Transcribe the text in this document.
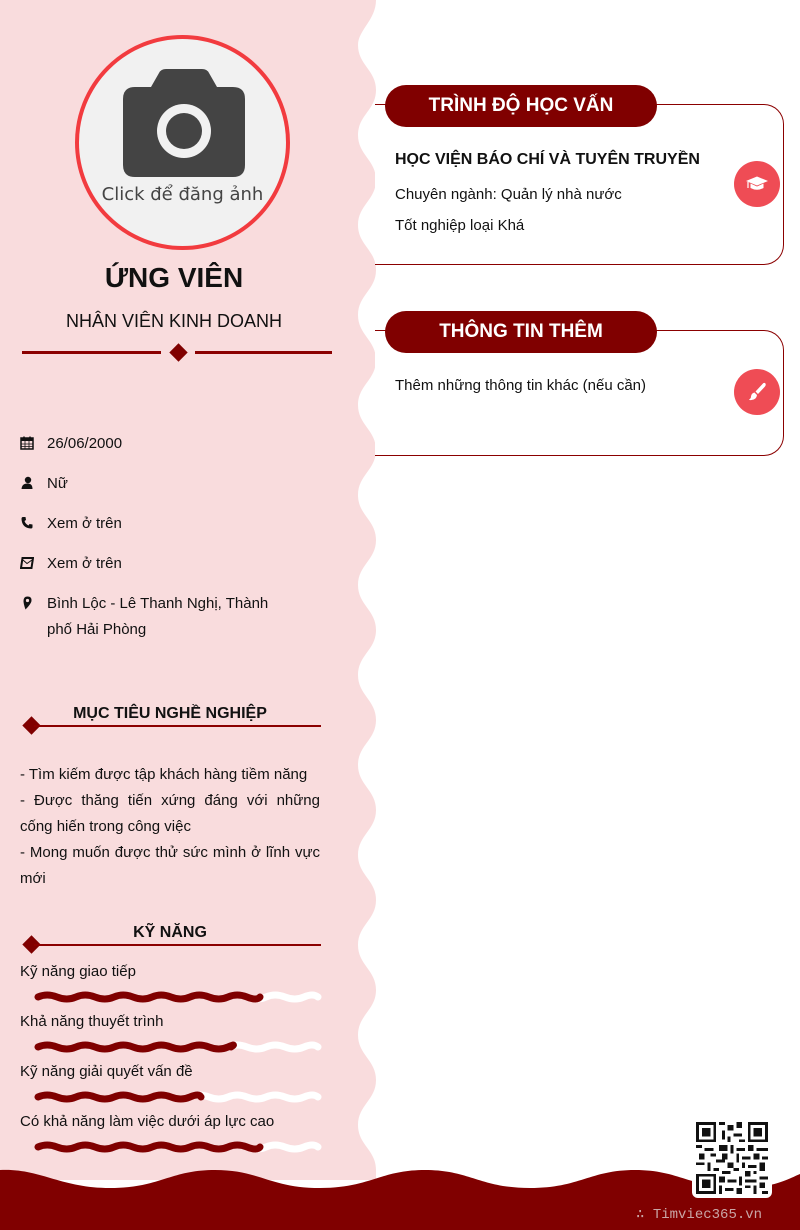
Click để đăng ảnh
ỨNG VIÊN
NHÂN VIÊN KINH DOANH
26/06/2000
Nữ
Xem ở trên
Xem ở trên
Bình Lộc - Lê Thanh Nghị, Thành phố Hải Phòng
MỤC TIÊU NGHỀ NGHIỆP
- Tìm kiếm được tập khách hàng tiềm năng
- Được thăng tiến xứng đáng với những cống hiến trong công việc
- Mong muốn được thử sức mình ở lĩnh vực mới
KỸ NĂNG
Kỹ năng giao tiếp
Khả năng thuyết trình
Kỹ năng giải quyết vấn đề
Có khả năng làm việc dưới áp lực cao
TRÌNH ĐỘ HỌC VẤN
HỌC VIỆN BÁO CHÍ VÀ TUYÊN TRUYỀN
Chuyên ngành: Quản lý nhà nước
Tốt nghiệp loại Khá
THÔNG TIN THÊM
Thêm những thông tin khác (nếu cần)
∴ Timviec365.vn
